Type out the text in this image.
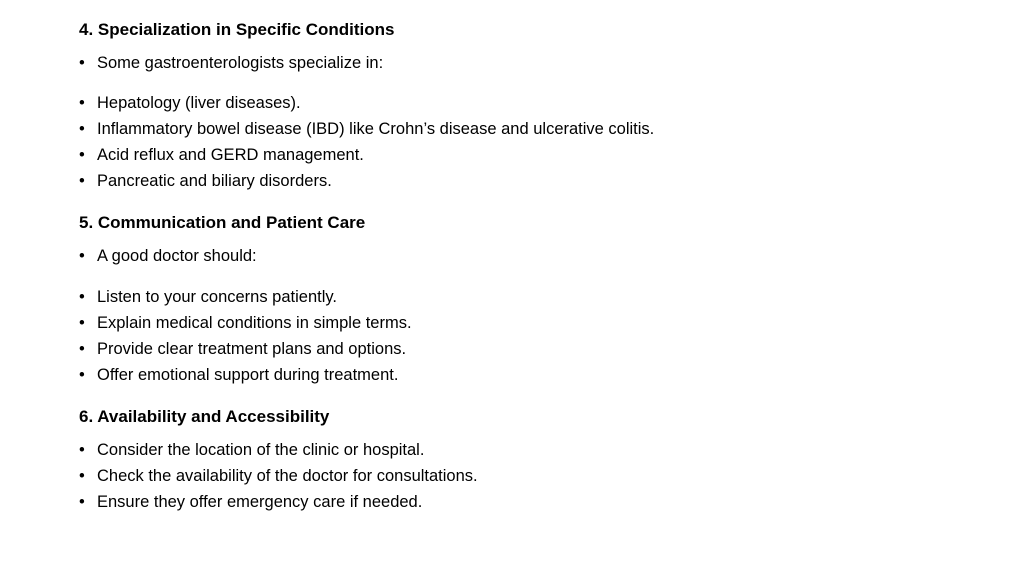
4. Specialization in Specific Conditions
• Some gastroenterologists specialize in:
• Hepatology (liver diseases).
• Inflammatory bowel disease (IBD) like Crohn’s disease and ulcerative colitis.
• Acid reflux and GERD management.
• Pancreatic and biliary disorders.
5. Communication and Patient Care
• A good doctor should:
• Listen to your concerns patiently.
• Explain medical conditions in simple terms.
• Provide clear treatment plans and options.
• Offer emotional support during treatment.
6. Availability and Accessibility
• Consider the location of the clinic or hospital.
• Check the availability of the doctor for consultations.
• Ensure they offer emergency care if needed.
